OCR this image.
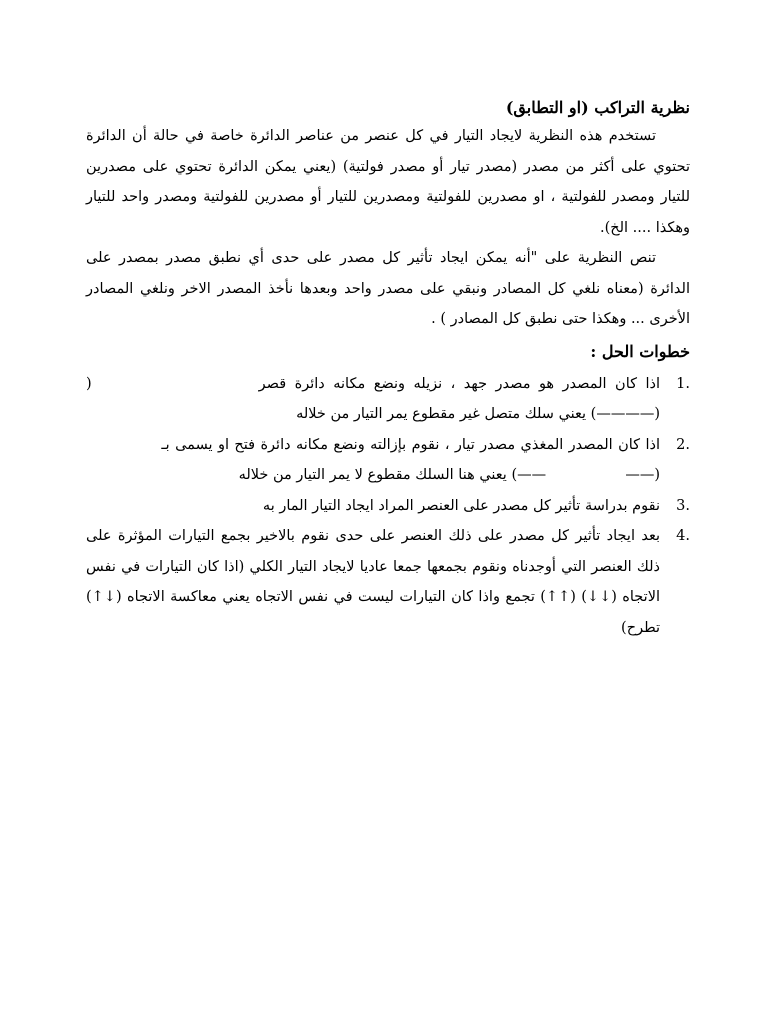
نظرية التراكب (او التطابق)

تستخدم هذه النظرية لايجاد التيار في كل عنصر من عناصر الدائرة خاصة في حالة أن الدائرة تحتوي على أكثر من مصدر (مصدر تيار أو مصدر فولتية) (يعني يمكن الدائرة تحتوي على مصدرين للتيار ومصدر للفولتية ، او مصدرين للفولتية ومصدرين للتيار أو مصدرين للفولتية ومصدر واحد للتيار وهكذا .... الخ).

تنص النظرية على "أنه يمكن ايجاد تأثير كل مصدر على حدى أي نطبق مصدر بمصدر على الدائرة (معناه نلغي كل المصادر ونبقي على مصدر واحد وبعدها نأخذ المصدر الاخر ونلغي المصادر الأخرى ... وهكذا حتى نطبق كل المصادر ) .

خطوات الحل :
1.
اذا كان المصدر هو مصدر جهد ، نزيله ونضع مكانه دائرة قصر  ( (————) يعني سلك متصل غير مقطوع يمر التيار من خلاله
2.
اذا كان المصدر المغذي مصدر تيار ، نقوم بإزالته ونضع مكانه دائرة فتح او يسمى بـ  (——  ——) يعني هنا السلك مقطوع لا يمر التيار من خلاله
3.
نقوم بدراسة تأثير كل مصدر على العنصر المراد ايجاد التيار المار به
4.
بعد ايجاد تأثير كل مصدر على ذلك العنصر على حدى نقوم بالاخير بجمع التيارات المؤثرة على ذلك العنصر التي أوجدناه ونقوم بجمعها جمعا عاديا لايجاد التيار الكلي (اذا كان التيارات في نفس الاتجاه (↓↓) (↑↑) تجمع واذا كان التيارات ليست في نفس الاتجاه يعني معاكسة الاتجاه (↓↑) تطرح)
